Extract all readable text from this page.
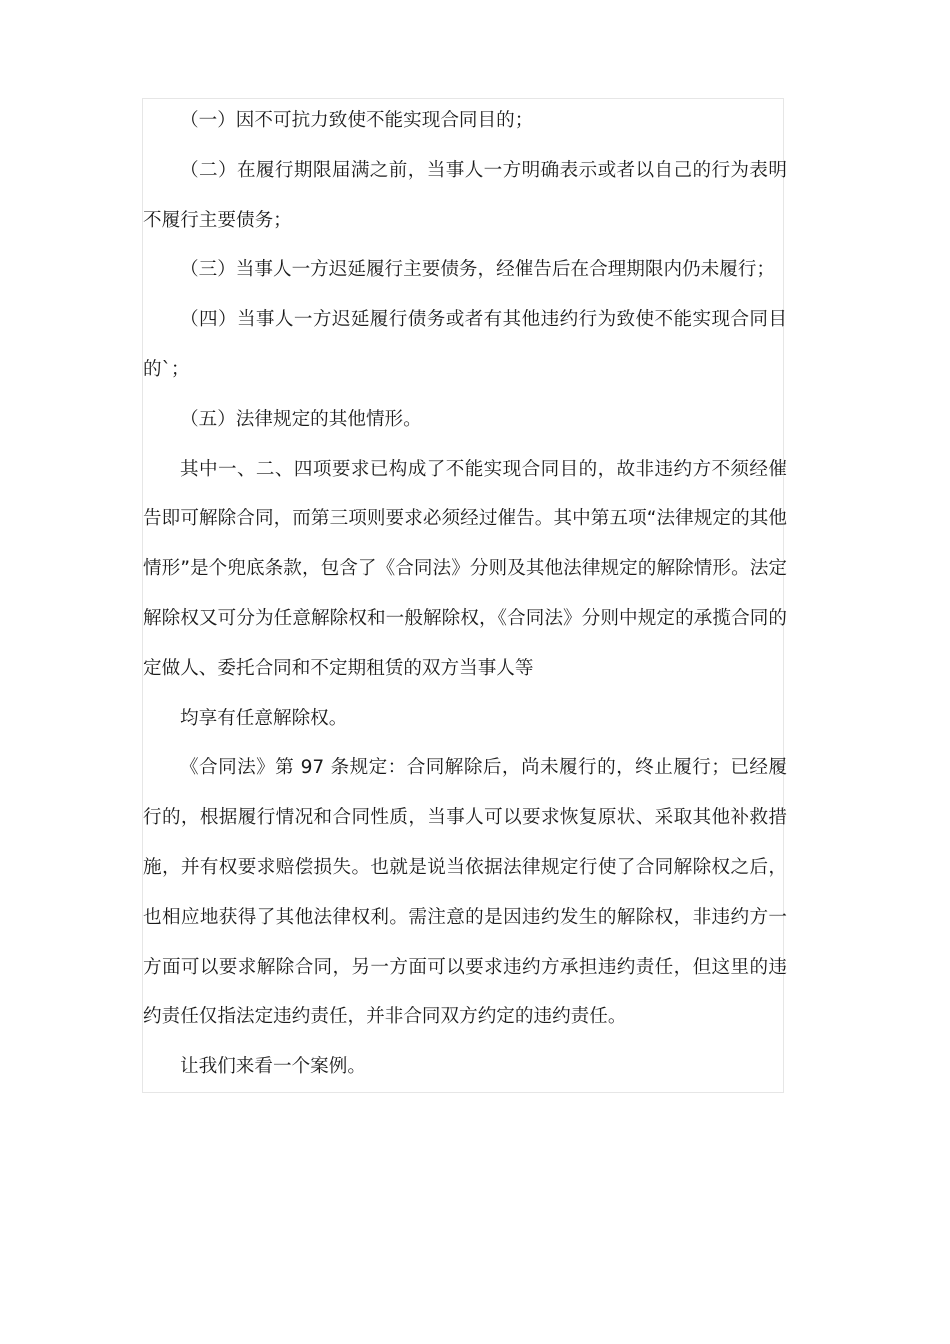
（一）因不可抗力致使不能实现合同目的；

（二）在履行期限届满之前，当事人一方明确表示或者以自己的行为表明不履行主要债务；

（三）当事人一方迟延履行主要债务，经催告后在合理期限内仍未履行；

（四）当事人一方迟延履行债务或者有其他违约行为致使不能实现合同目的`；

（五）法律规定的其他情形。

其中一、二、四项要求已构成了不能实现合同目的，故非违约方不须经催告即可解除合同，而第三项则要求必须经过催告。其中第五项“法律规定的其他情形”是个兜底条款，包含了《合同法》分则及其他法律规定的解除情形。法定解除权又可分为任意解除权和一般解除权，《合同法》分则中规定的承揽合同的定做人、委托合同和不定期租赁的双方当事人等

均享有任意解除权。

《合同法》第 97 条规定：合同解除后，尚未履行的，终止履行；已经履行的，根据履行情况和合同性质，当事人可以要求恢复原状、采取其他补救措施，并有权要求赔偿损失。也就是说当依据法律规定行使了合同解除权之后，也相应地获得了其他法律权利。需注意的是因违约发生的解除权，非违约方一方面可以要求解除合同，另一方面可以要求违约方承担违约责任，但这里的违约责任仅指法定违约责任，并非合同双方约定的违约责任。

让我们来看一个案例。
